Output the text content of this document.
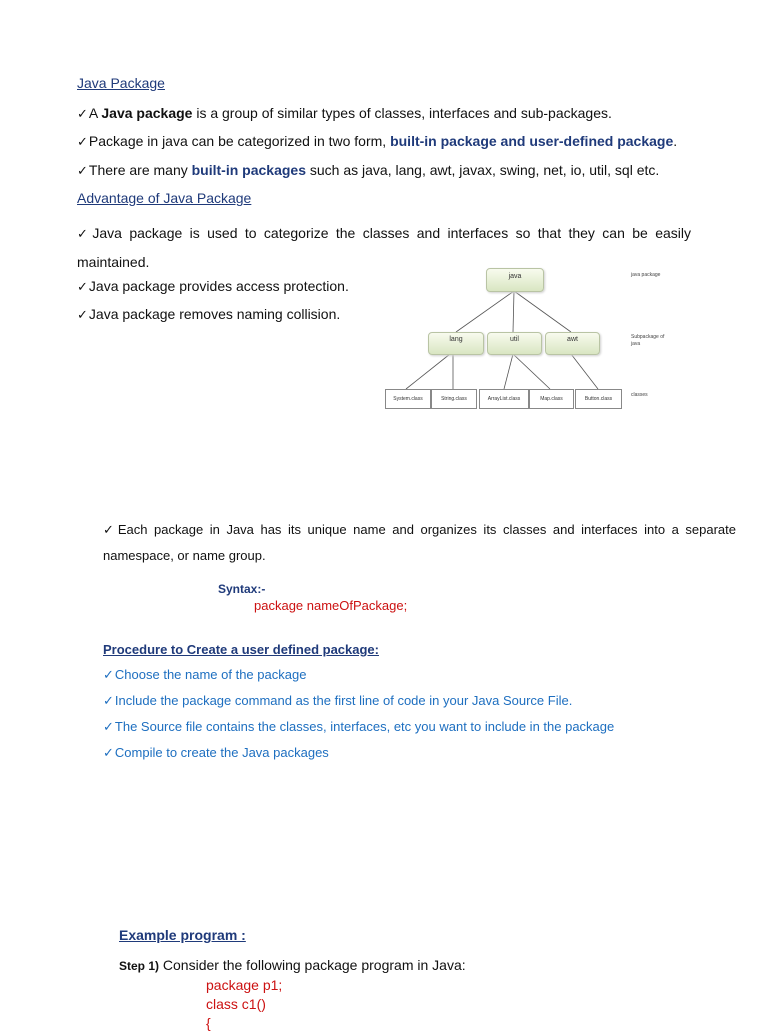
Java Package
✓A Java package is a group of similar types of classes, interfaces and sub-packages.
✓Package in java can be categorized in two form, built-in package and user-defined package.
✓There are many built-in packages such as java, lang, awt, javax, swing, net, io, util, sql etc.
Advantage of Java Package
✓Java package is used to categorize the classes and interfaces so that they can be easily maintained.
✓Java package provides access protection.
✓Java package removes naming collision.
java	java package
lang	util	awt	Subpackage of java
System.class	String.class	ArrayList.class	Map.class	Button.class
classes
✓Each package in Java has its unique name and organizes its classes and interfaces into a separate namespace, or name group.
Syntax:-
package nameOfPackage;
Procedure to Create a user defined package:
✓Choose the name of the package
✓Include the package command as the first line of code in your Java Source File.
✓The Source file contains the classes, interfaces, etc you want to include in the package
✓Compile to create the Java packages
Example program :
Step 1) Consider the following package program in Java:
package p1;
class c1()
{
